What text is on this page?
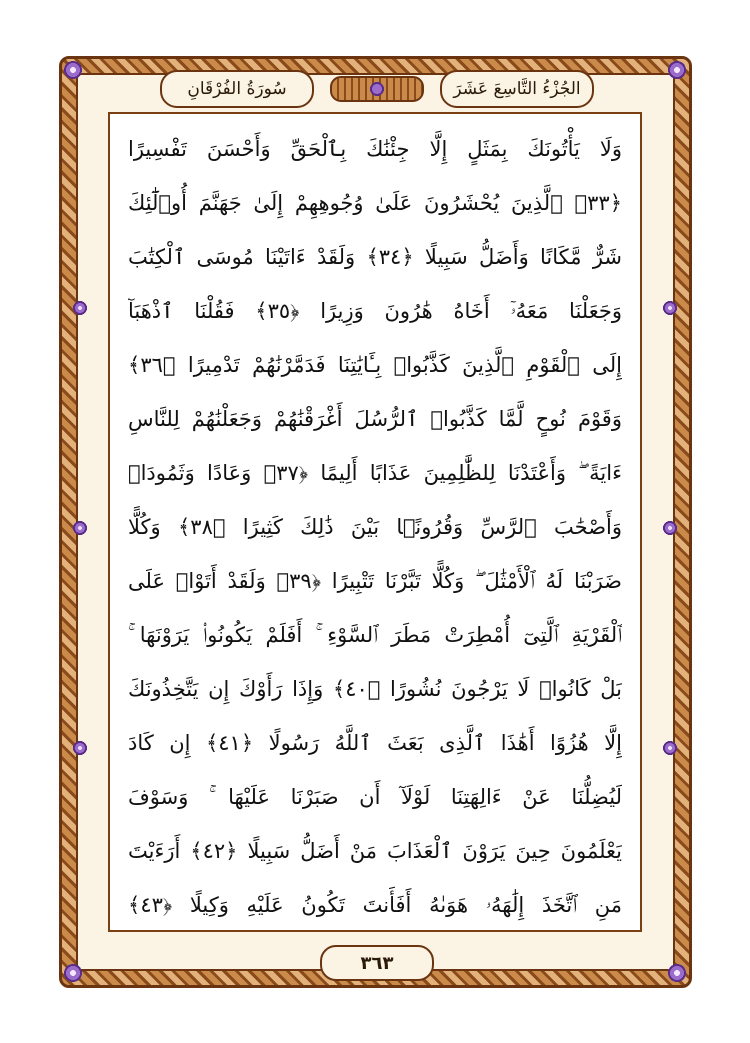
الجُزْءُ التَّاسِعَ عَشَرَ
سُورَةُ الفُرْقَانِ
وَلَا يَأْتُونَكَ بِمَثَلٍ إِلَّا جِئْنَٰكَ بِٱلْحَقِّ وَأَحْسَنَ تَفْسِيرًا
﴿٣٣﴾ ٱلَّذِينَ يُحْشَرُونَ عَلَىٰ وُجُوهِهِمْ إِلَىٰ جَهَنَّمَ أُو۟لَٰٓئِكَ
شَرٌّ مَّكَانًا وَأَضَلُّ سَبِيلًا ﴿٣٤﴾ وَلَقَدْ ءَاتَيْنَا مُوسَى ٱلْكِتَٰبَ
وَجَعَلْنَا مَعَهُۥٓ أَخَاهُ هَٰرُونَ وَزِيرًا ﴿٣٥﴾ فَقُلْنَا ٱذْهَبَآ
إِلَى ٱلْقَوْمِ ٱلَّذِينَ كَذَّبُوا۟ بِـَٔايَٰتِنَا فَدَمَّرْنَٰهُمْ تَدْمِيرًا ﴿٣٦﴾
وَقَوْمَ نُوحٍ لَّمَّا كَذَّبُوا۟ ٱلرُّسُلَ أَغْرَقْنَٰهُمْ وَجَعَلْنَٰهُمْ لِلنَّاسِ
ءَايَةً ۖ وَأَعْتَدْنَا لِلظَّٰلِمِينَ عَذَابًا أَلِيمًا ﴿٣٧﴾ وَعَادًا وَثَمُودَا۟
وَأَصْحَٰبَ ٱلرَّسِّ وَقُرُونًۢا بَيْنَ ذَٰلِكَ كَثِيرًا ﴿٣٨﴾ وَكُلًّا
ضَرَبْنَا لَهُ ٱلْأَمْثَٰلَ ۖ وَكُلًّا تَبَّرْنَا تَتْبِيرًا ﴿٣٩﴾ وَلَقَدْ أَتَوْا۟ عَلَى
ٱلْقَرْيَةِ ٱلَّتِىٓ أُمْطِرَتْ مَطَرَ ٱلسَّوْءِ ۚ أَفَلَمْ يَكُونُوا۟ يَرَوْنَهَا ۚ
بَلْ كَانُوا۟ لَا يَرْجُونَ نُشُورًا ﴿٤٠﴾ وَإِذَا رَأَوْكَ إِن يَتَّخِذُونَكَ
إِلَّا هُزُوًا أَهَٰذَا ٱلَّذِى بَعَثَ ٱللَّهُ رَسُولًا ﴿٤١﴾ إِن كَادَ
لَيُضِلُّنَا عَنْ ءَالِهَتِنَا لَوْلَآ أَن صَبَرْنَا عَلَيْهَا ۚ وَسَوْفَ
يَعْلَمُونَ حِينَ يَرَوْنَ ٱلْعَذَابَ مَنْ أَضَلُّ سَبِيلًا ﴿٤٢﴾ أَرَءَيْتَ
مَنِ ٱتَّخَذَ إِلَٰهَهُۥ هَوَىٰهُ أَفَأَنتَ تَكُونُ عَلَيْهِ وَكِيلًا ﴿٤٣﴾
٣٦٣
